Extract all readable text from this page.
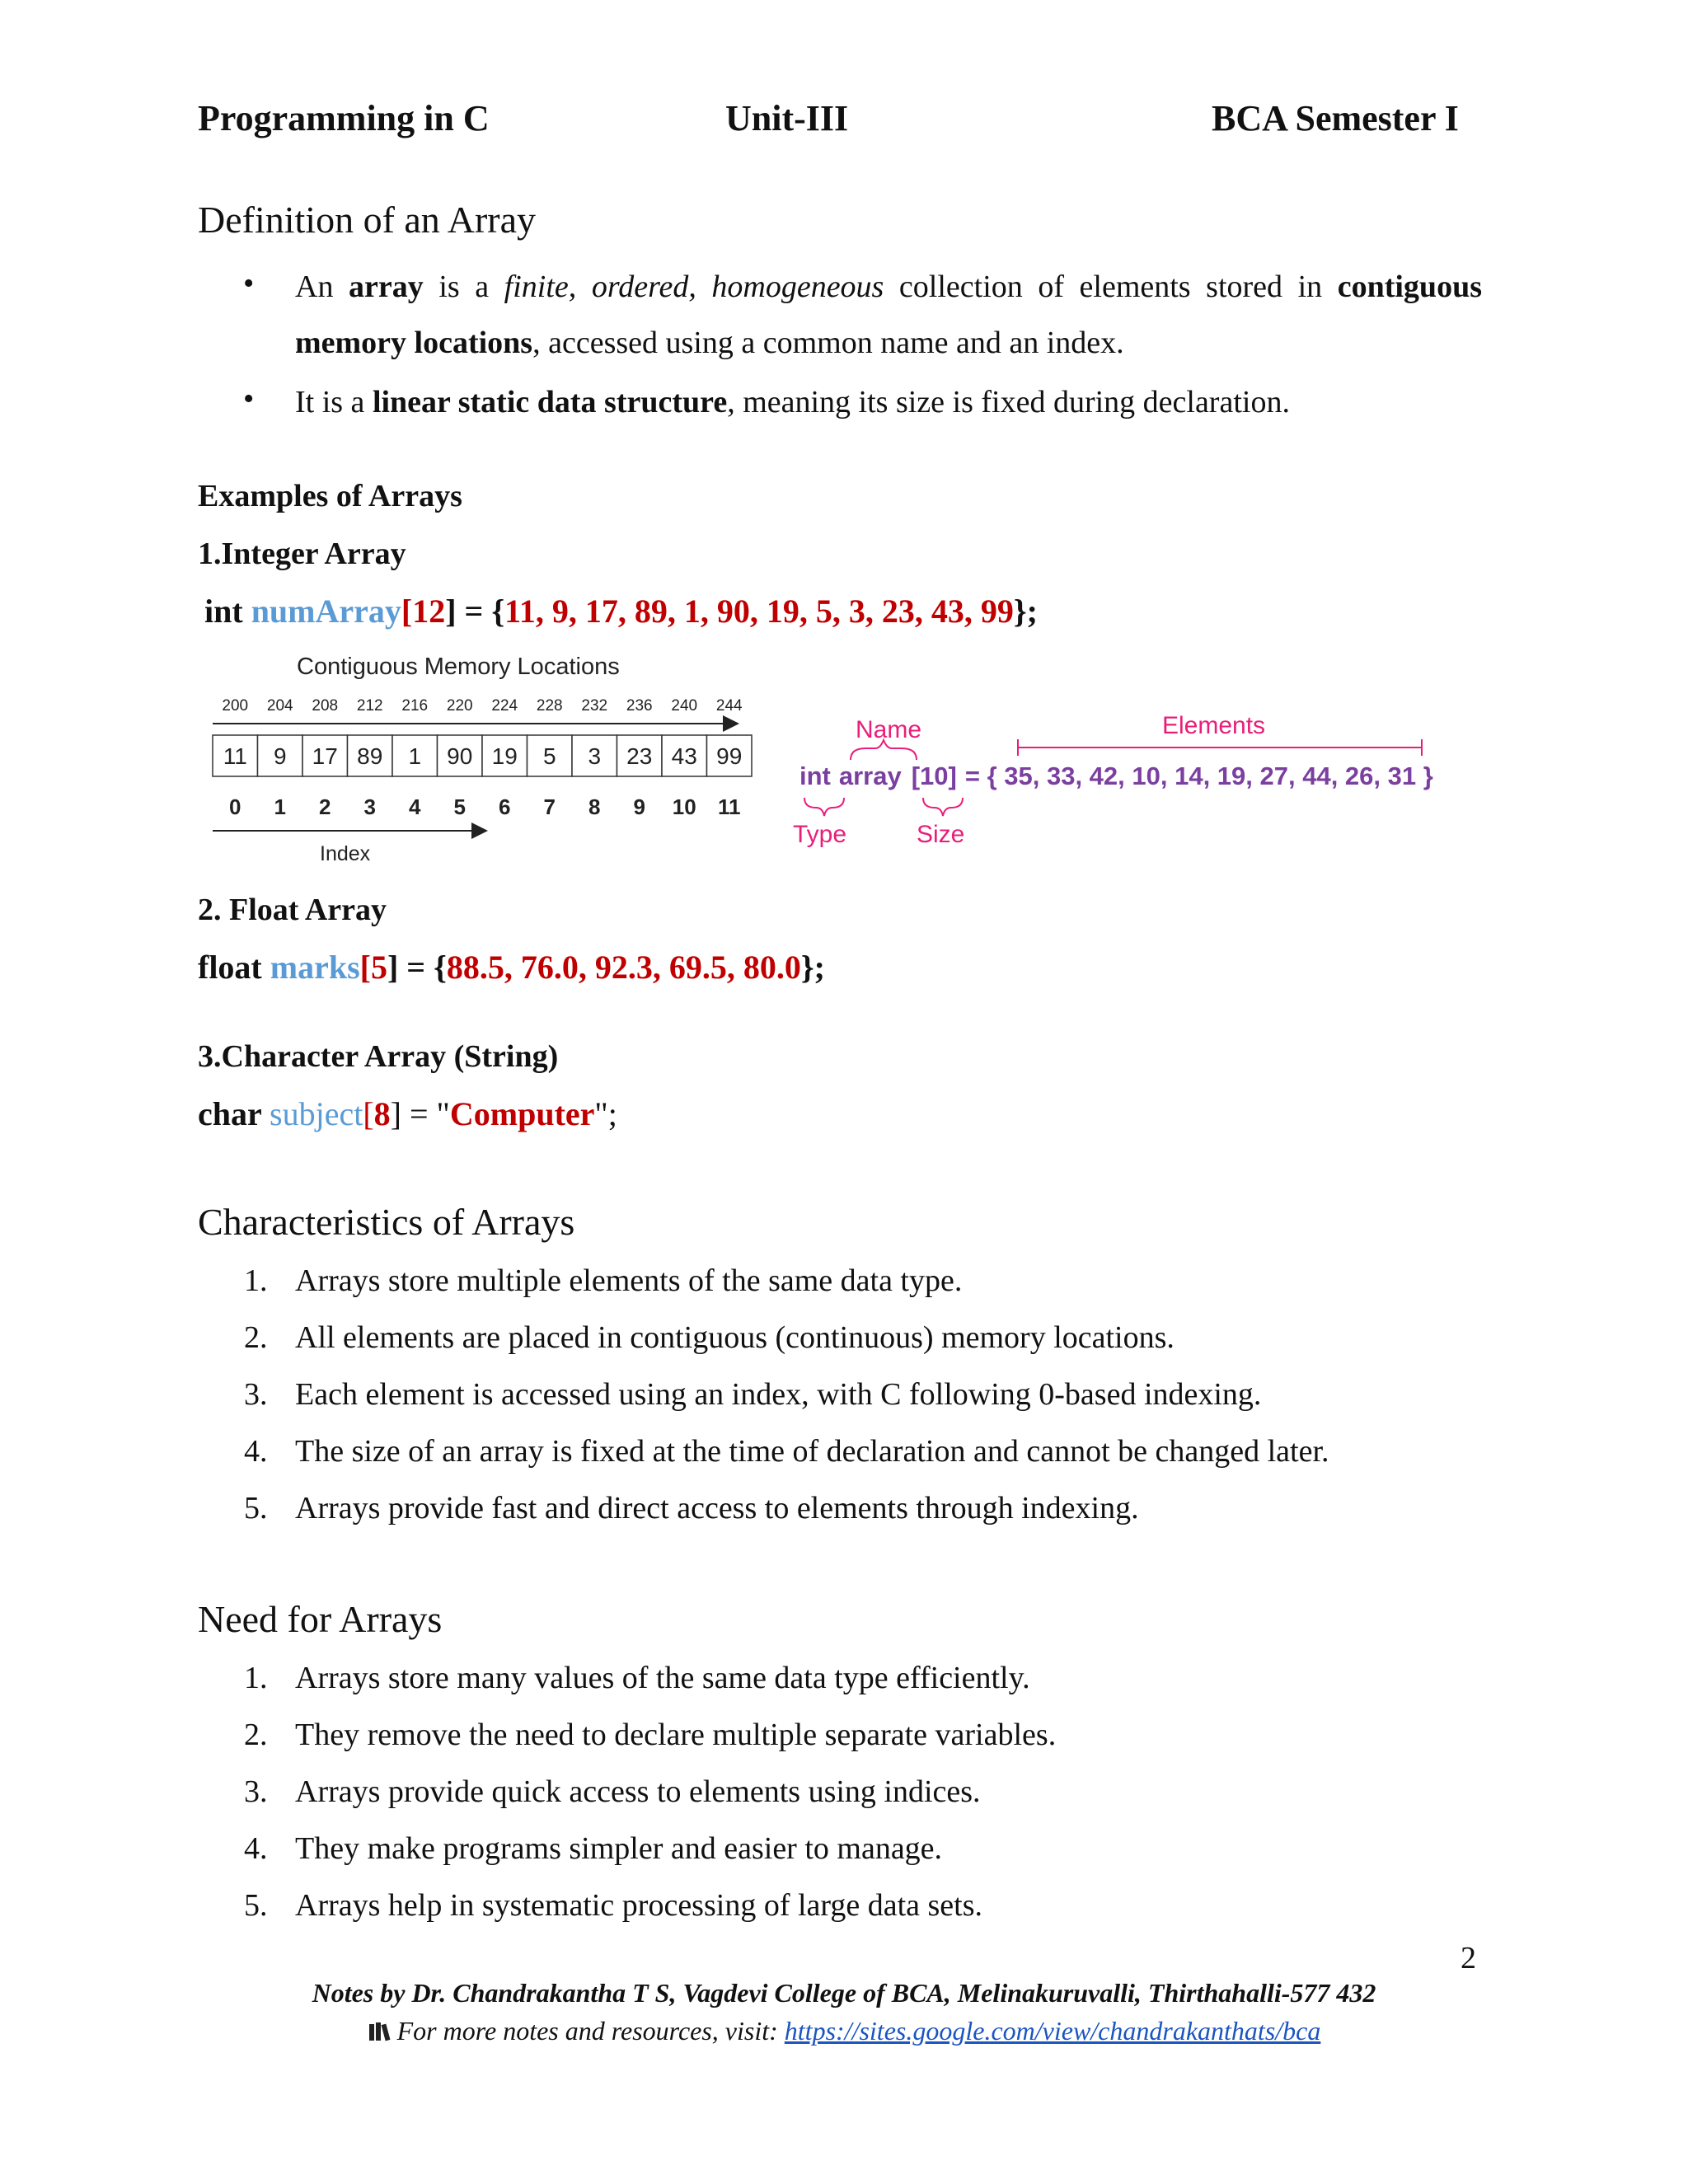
Programming in C	Unit-III	BCA Semester I
Definition of an Array
• An array is a finite, ordered, homogeneous collection of elements stored in contiguous memory locations, accessed using a common name and an index.
• It is a linear static data structure, meaning its size is fixed during declaration.
Examples of Arrays
1.Integer Array
int numArray[12] = {11, 9, 17, 89, 1, 90, 19, 5, 3, 23, 43, 99};
Contiguous Memory Locations
200 204 208 212 216 220 224 228 232 236 240 244
11 9 17 89 1 90 19 5 3 23 43 99
0 1 2 3 4 5 6 7 8 9 10 11
Index
Name	Elements
int array [10] = { 35, 33, 42, 10, 14, 19, 27, 44, 26, 31 }
Type	Size
2. Float Array
float marks[5] = {88.5, 76.0, 92.3, 69.5, 80.0};
3.Character Array (String)
char subject[8] = "Computer";
Characteristics of Arrays
1. Arrays store multiple elements of the same data type.
2. All elements are placed in contiguous (continuous) memory locations.
3. Each element is accessed using an index, with C following 0-based indexing.
4. The size of an array is fixed at the time of declaration and cannot be changed later.
5. Arrays provide fast and direct access to elements through indexing.
Need for Arrays
1. Arrays store many values of the same data type efficiently.
2. They remove the need to declare multiple separate variables.
3. Arrays provide quick access to elements using indices.
4. They make programs simpler and easier to manage.
5. Arrays help in systematic processing of large data sets.
2
Notes by Dr. Chandrakantha T S, Vagdevi College of BCA, Melinakuruvalli, Thirthahalli-577 432
For more notes and resources, visit: https://sites.google.com/view/chandrakanthats/bca
